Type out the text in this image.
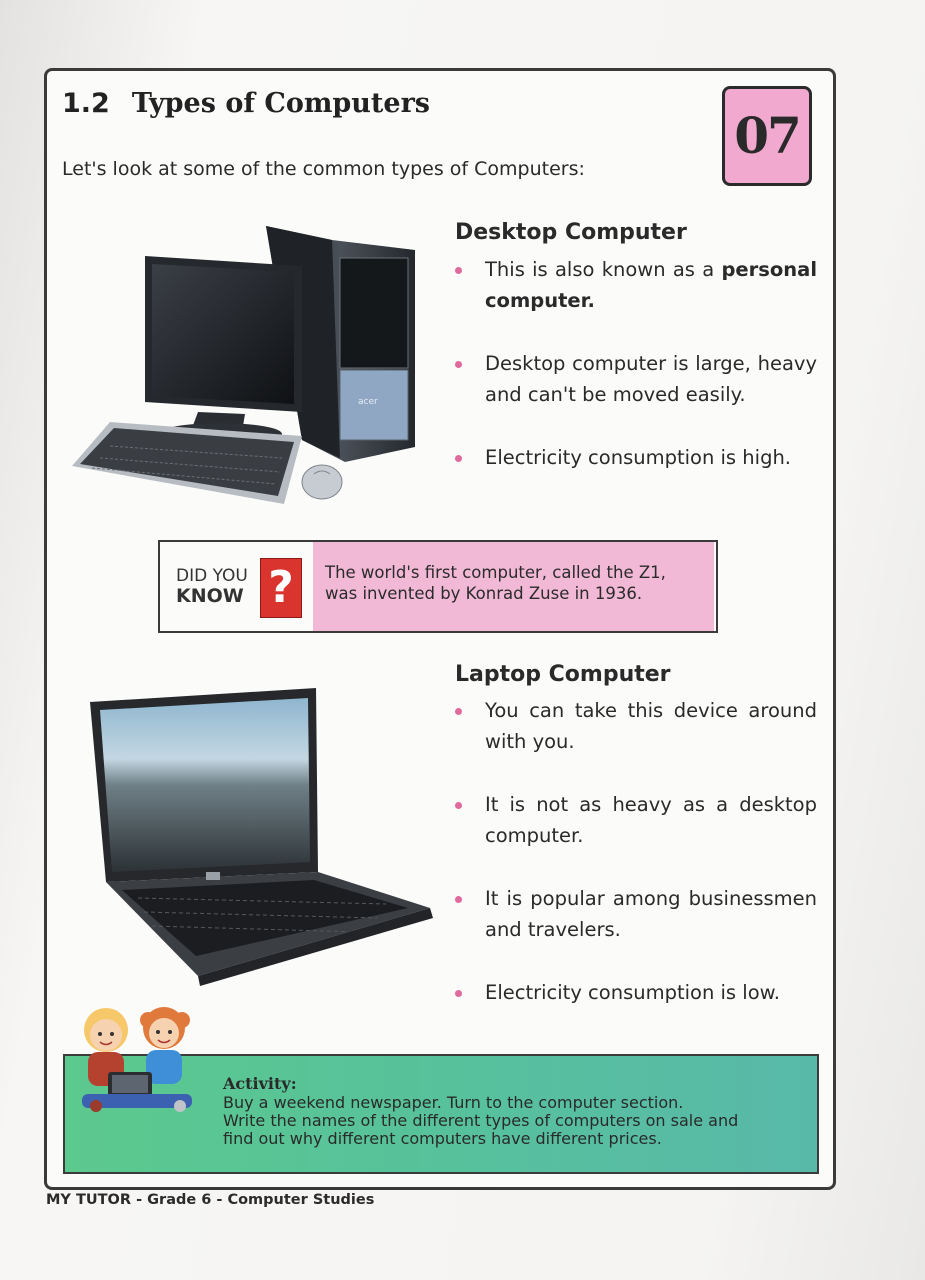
1.2 Types of Computers
07
Let's look at some of the common types of Computers:
acer
Desktop Computer
This is also known as a personal computer.
Desktop computer is large, heavy and can't be moved easily.
Electricity consumption is high.
DID YOU
KNOW ?	The world's first computer, called the Z1,
was invented by Konrad Zuse in 1936.
Laptop Computer
You can take this device around with you.
It is not as heavy as a desktop computer.
It is popular among businessmen and travelers.
Electricity consumption is low.
Activity:
Buy a weekend newspaper. Turn to the computer section.
Write the names of the different types of computers on sale and
find out why different computers have different prices.
MY TUTOR - Grade 6 - Computer Studies
